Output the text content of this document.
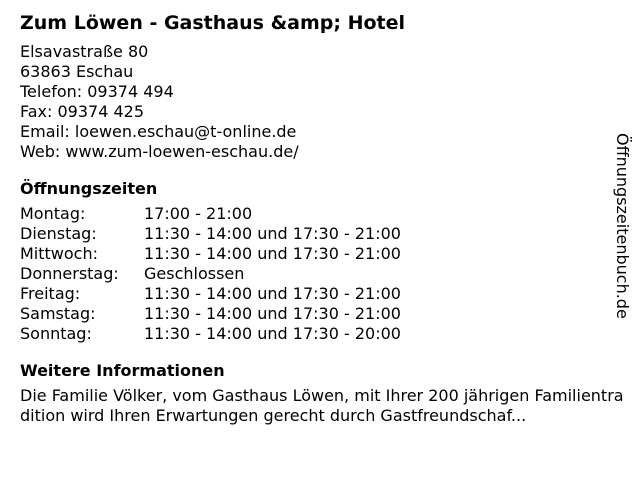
Zum Löwen - Gasthaus &amp; Hotel
Elsavastraße 80
63863 Eschau
Telefon: 09374 494
Fax: 09374 425
Email: loewen.eschau@t-online.de
Web: www.zum-loewen-eschau.de/
Öffnungszeiten
Montag:	17:00 - 21:00
Dienstag:	11:30 - 14:00 und 17:30 - 21:00
Mittwoch:	11:30 - 14:00 und 17:30 - 21:00
Donnerstag:	Geschlossen
Freitag:	11:30 - 14:00 und 17:30 - 21:00
Samstag:	11:30 - 14:00 und 17:30 - 21:00
Sonntag:	11:30 - 14:00 und 17:30 - 20:00
Weitere Informationen
Die Familie Völker, vom Gasthaus Löwen, mit Ihrer 200 jährigen Familientradition wird Ihren Erwartungen gerecht durch Gastfreundschaf...
Öffnungszeitenbuch.de
